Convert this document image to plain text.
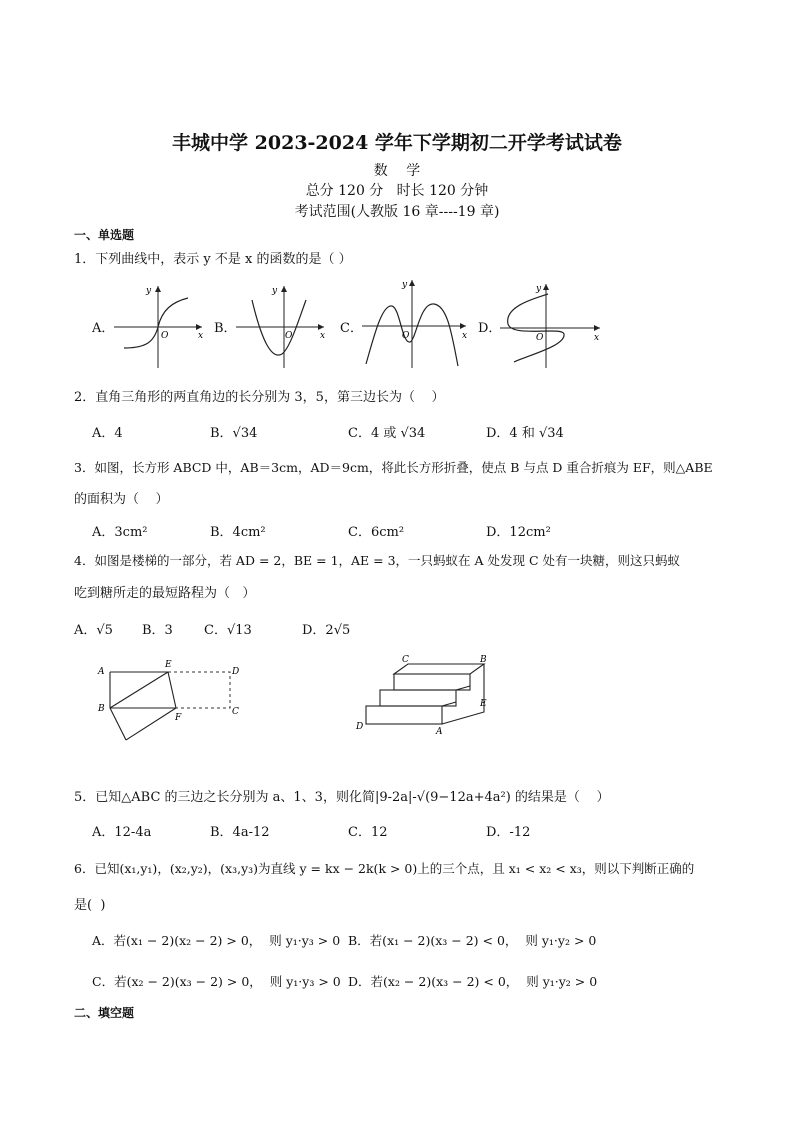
丰城中学 2023-2024 学年下学期初二开学考试试卷
数 学
总分 120 分   时长 120 分钟
考试范围(人教版 16 章----19 章)
一、单选题
1．下列曲线中，表示 y 不是 x 的函数的是（ ）
A．
y
x
O	B．
y
x
O	C．
y
x
O	D．
y
x
O
2．直角三角形的两直角边的长分别为 3，5，第三边长为（    ）
A．4	B．√34	C．4 或 √34	D．4 和 √34
3．如图，长方形 ABCD 中，AB＝3cm，AD＝9cm，将此长方形折叠，使点 B 与点 D 重合折痕为 EF，则△ABE
的面积为（    ）
A．3cm²	B．4cm²	C．6cm²	D．12cm²
4．如图是楼梯的一部分，若 AD = 2，BE = 1，AE = 3，一只蚂蚁在 A 处发现 C 处有一块糖，则这只蚂蚁
吃到糖所走的最短路程为（   ）
A．√5 B．3 C．√13	D．2√5
A
E
D
B
F
C
C	B
E
D	A
5．已知△ABC 的三边之长分别为 a、1、3，则化简|9-2a|-√(9−12a+4a²) 的结果是（    ）
A．12-4a	B．4a-12	C．12	D．-12
6．已知(x₁,y₁)，(x₂,y₂)，(x₃,y₃)为直线 y = kx − 2k(k > 0)上的三个点，且 x₁ < x₂ < x₃，则以下判断正确的
是(  )
A．若(x₁ − 2)(x₂ − 2) > 0，  则 y₁·y₃ > 0 B．若(x₁ − 2)(x₃ − 2) < 0，  则 y₁·y₂ > 0
C．若(x₂ − 2)(x₃ − 2) > 0，  则 y₁·y₃ > 0 D．若(x₂ − 2)(x₃ − 2) < 0，  则 y₁·y₂ > 0
二、填空题
